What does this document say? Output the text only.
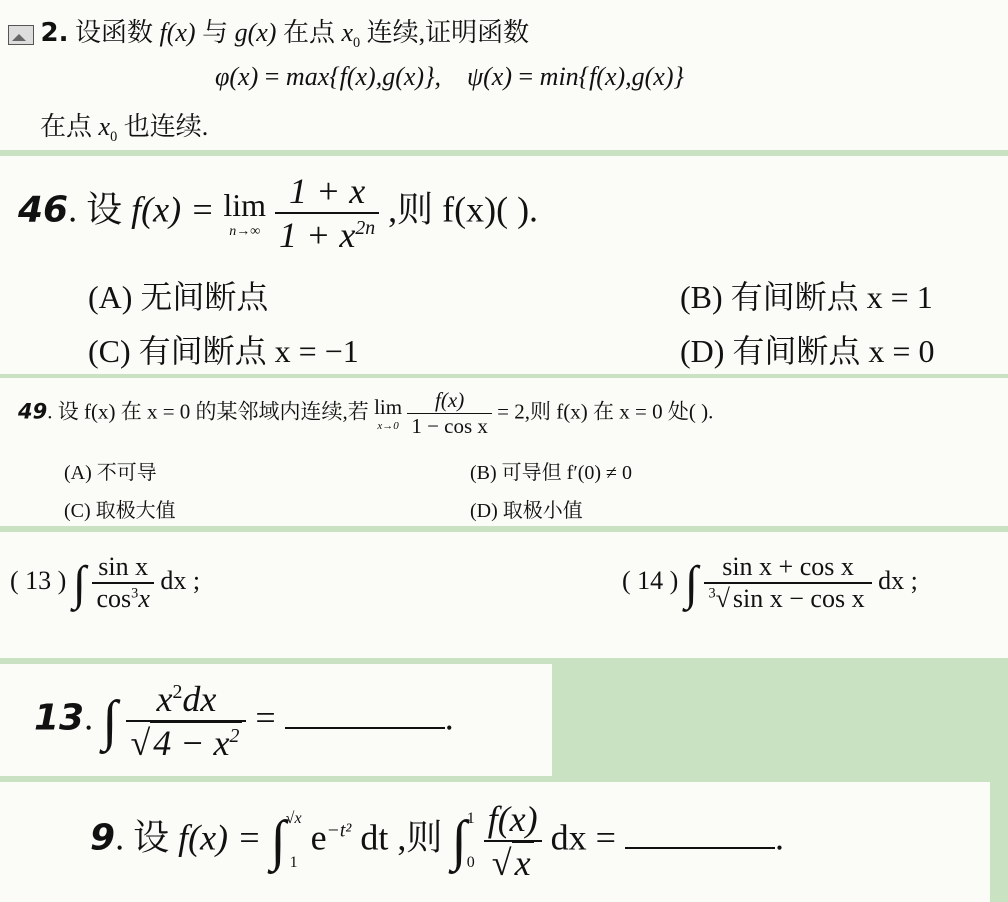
2. 设函数 f(x) 与 g(x) 在点 $x_0$ 连续,证明函数
φ(x) = max{f(x),g(x)}, ψ(x) = min{f(x),g(x)}
在点 $x_0$ 也连续.
46. 设 f(x) = lim
n→∞
$\frac{1 + x}{1 + x^{2n}}$ ,则 f(x)( ).
(A) 无间断点	(B) 有间断点 x = 1
(C) 有间断点 x = −1	(D) 有间断点 x = 0
49. 设 f(x) 在 x = 0 的某邻域内连续,若 lim
x→0
$\frac{f(x)}{\text{1 − cos x}} = 2$,则 f(x) 在 x = 0 处( ).
(A) 不可导	(B) 可导但 f′(0) ≠ 0
(C) 取极大值	(D) 取极小值
( 13 ) ∫ $\frac{\text{sin x}}{\cos^3x}$ dx ;	( 14 ) ∫ $\frac{\text{sin x + cos x}}{^3√ \sin x - \cos x}$ dx ;
13. ∫ $\frac{x^2dx}{√4 - x^2}$ =	.
9. 设 f(x) = ∫ √x
1
$e^{-t^2}$ dt ,则 ∫ 1
0
$\frac{f(x)}{√x}$ dx =	.
